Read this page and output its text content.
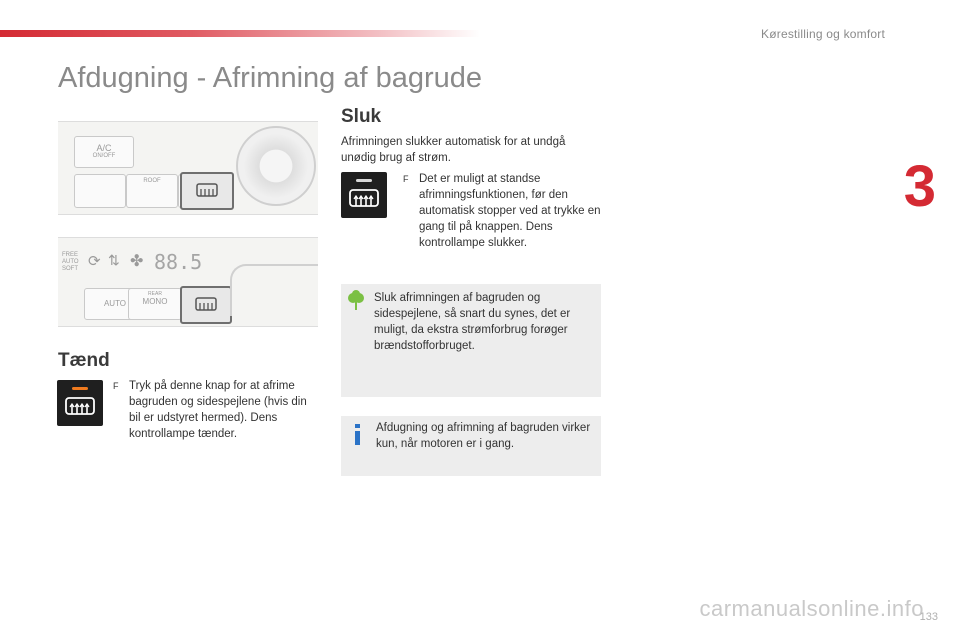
Kørestilling og komfort
3
Afdugning - Afrimning af bagrude
A/C
ON/OFF
ROOF
FREE
AUTO
SOFT ⟳ ⇅ ✤ 88.5
AUTO
REAR
MONO
Tænd
F Tryk på denne knap for at afrime bagruden og sidespejlene (hvis din bil er udstyret hermed). Dens kontrollampe tænder.
Sluk

Afrimningen slukker automatisk for at undgå unødig brug af strøm.

F Det er muligt at standse afrimningsfunktionen, før den automatisk stopper ved at trykke en gang til på knappen. Dens kontrollampe slukker.
Sluk afrimningen af bagruden og sidespejlene, så snart du synes, det er muligt, da ekstra strømforbrug forøger brændstofforbruget.
Afdugning og afrimning af bagruden virker kun, når motoren er i gang.
carmanualsonline.info
133
